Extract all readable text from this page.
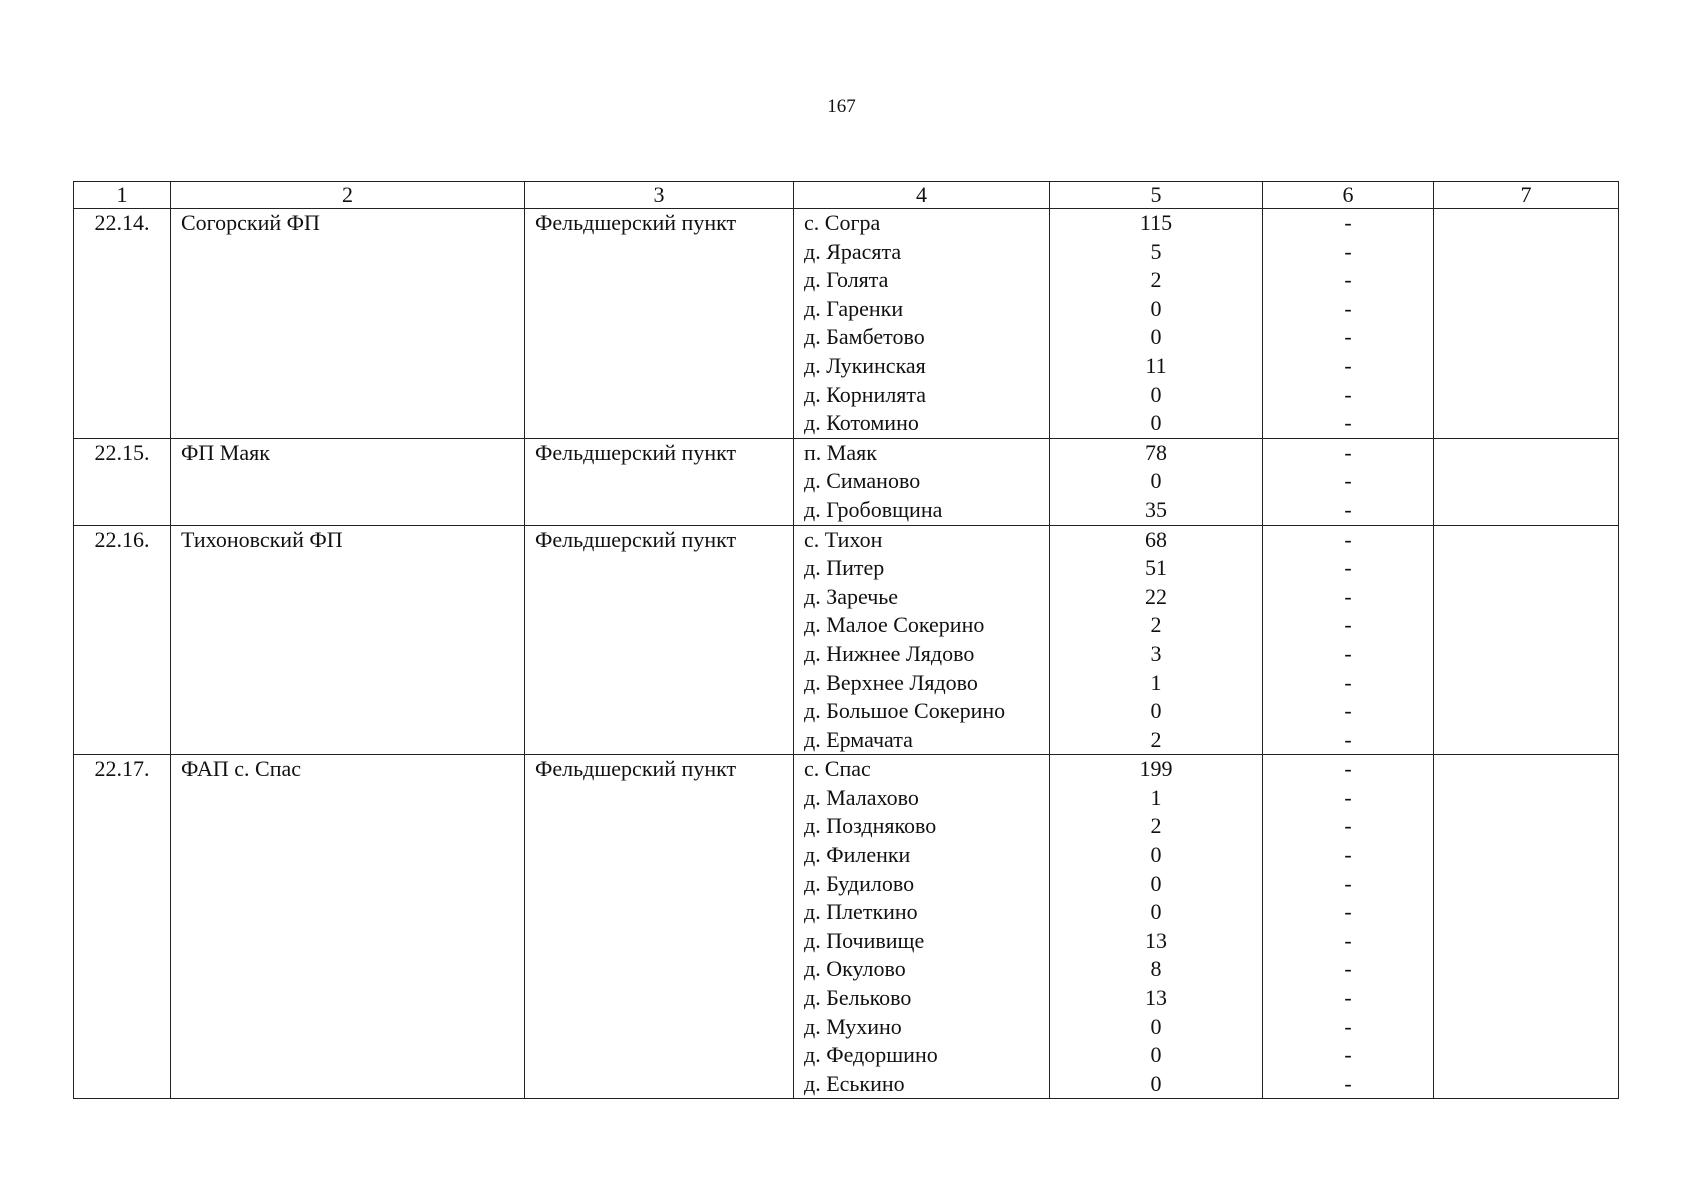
167
1	2	3	4	5	6	7
22.14.	Согорский ФП	Фельдшерский пункт	с. Согра	115	-	
			д. Ярасята	5	-	
			д. Голята	2	-	
			д. Гаренки	0	-	
			д. Бамбетово	0	-	
			д. Лукинская	11	-	
			д. Корнилята	0	-	
			д. Котомино	0	-	
22.15.	ФП Маяк	Фельдшерский пункт	п. Маяк	78	-	
			д. Симаново	0	-	
			д. Гробовщина	35	-	
22.16.	Тихоновский ФП	Фельдшерский пункт	с. Тихон	68	-	
			д. Питер	51	-	
			д. Заречье	22	-	
			д. Малое Сокерино	2	-	
			д. Нижнее Лядово	3	-	
			д. Верхнее Лядово	1	-	
			д. Большое Сокерино	0	-	
			д. Ермачата	2	-	
22.17.	ФАП с. Спас	Фельдшерский пункт	с. Спас	199	-	
			д. Малахово	1	-	
			д. Поздняково	2	-	
			д. Филенки	0	-	
			д. Будилово	0	-	
			д. Плеткино	0	-	
			д. Почивище	13	-	
			д. Окулово	8	-	
			д. Бельково	13	-	
			д. Мухино	0	-	
			д. Федоршино	0	-	
			д. Еськино	0	-	
